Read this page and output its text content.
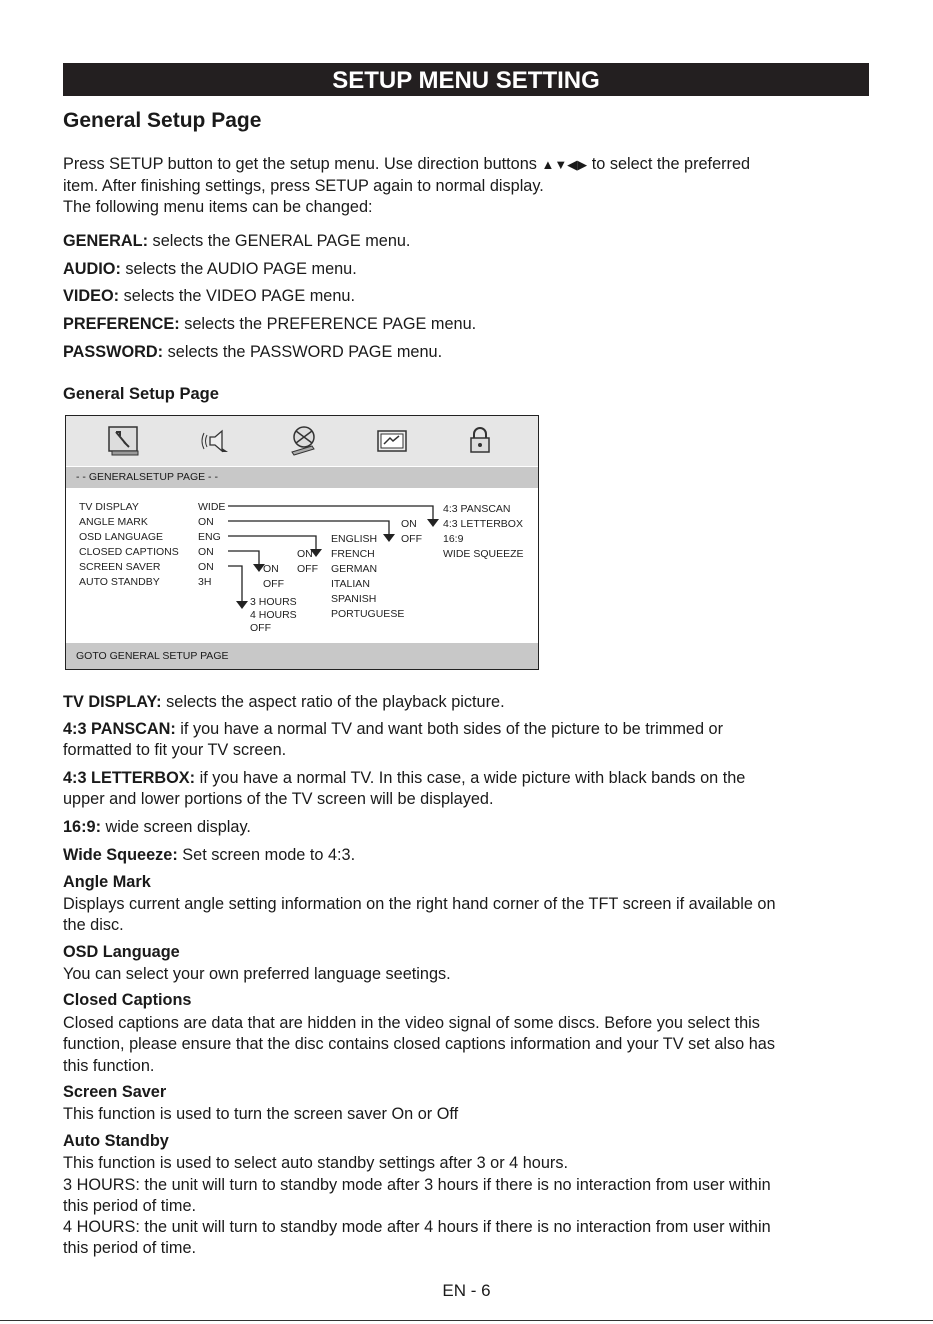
SETUP MENU SETTING
General Setup Page
Press SETUP button to get the setup menu. Use direction buttons ▲▼◀▶ to select the preferred
item. After finishing settings, press SETUP again to normal display.
The following menu items can be changed:
GENERAL: selects the GENERAL PAGE menu.
AUDIO: selects the AUDIO PAGE menu.
VIDEO: selects the VIDEO PAGE menu.
PREFERENCE: selects the PREFERENCE PAGE menu.
PASSWORD: selects the PASSWORD PAGE menu.
General Setup Page
- - GENERALSETUP PAGE - -
TV DISPLAY
ANGLE MARK
OSD LANGUAGE
CLOSED CAPTIONS
SCREEN SAVER
AUTO STANDBY
WIDE
ON
ENG
ON
ON
3H
4:3 PANSCAN
4:3 LETTERBOX
16:9
WIDE SQUEEZE
ON
OFF
ENGLISH
FRENCH
GERMAN
ITALIAN
SPANISH
PORTUGUESE
ON
OFF
ON
OFF
3 HOURS
4 HOURS
OFF
GOTO GENERAL SETUP PAGE
TV DISPLAY: selects the aspect ratio of the playback picture.
4:3 PANSCAN: if you have a normal TV and want both sides of the picture to be trimmed or
formatted to fit your TV screen.
4:3 LETTERBOX: if you have a normal TV. In this case, a wide picture with black bands on the
upper and lower portions of the TV screen will be displayed.
16:9: wide screen display.
Wide Squeeze: Set screen mode to 4:3.
Angle Mark
Displays current angle setting information on the right hand corner of the TFT screen if available on
the disc.
OSD Language
You can select your own preferred language seetings.
Closed Captions
Closed captions are data that are hidden in the video signal of some discs. Before you select this
function, please ensure that the disc contains closed captions information and your TV set also has
this function.
Screen Saver
This function is used to turn the screen saver On or Off
Auto Standby
This function is used to select auto standby settings after 3 or 4 hours.
3 HOURS: the unit will turn to standby mode after 3 hours if there is no interaction from user within
this period of time.
4 HOURS: the unit will turn to standby mode after 4 hours if there is no interaction from user within
this period of time.
EN - 6
